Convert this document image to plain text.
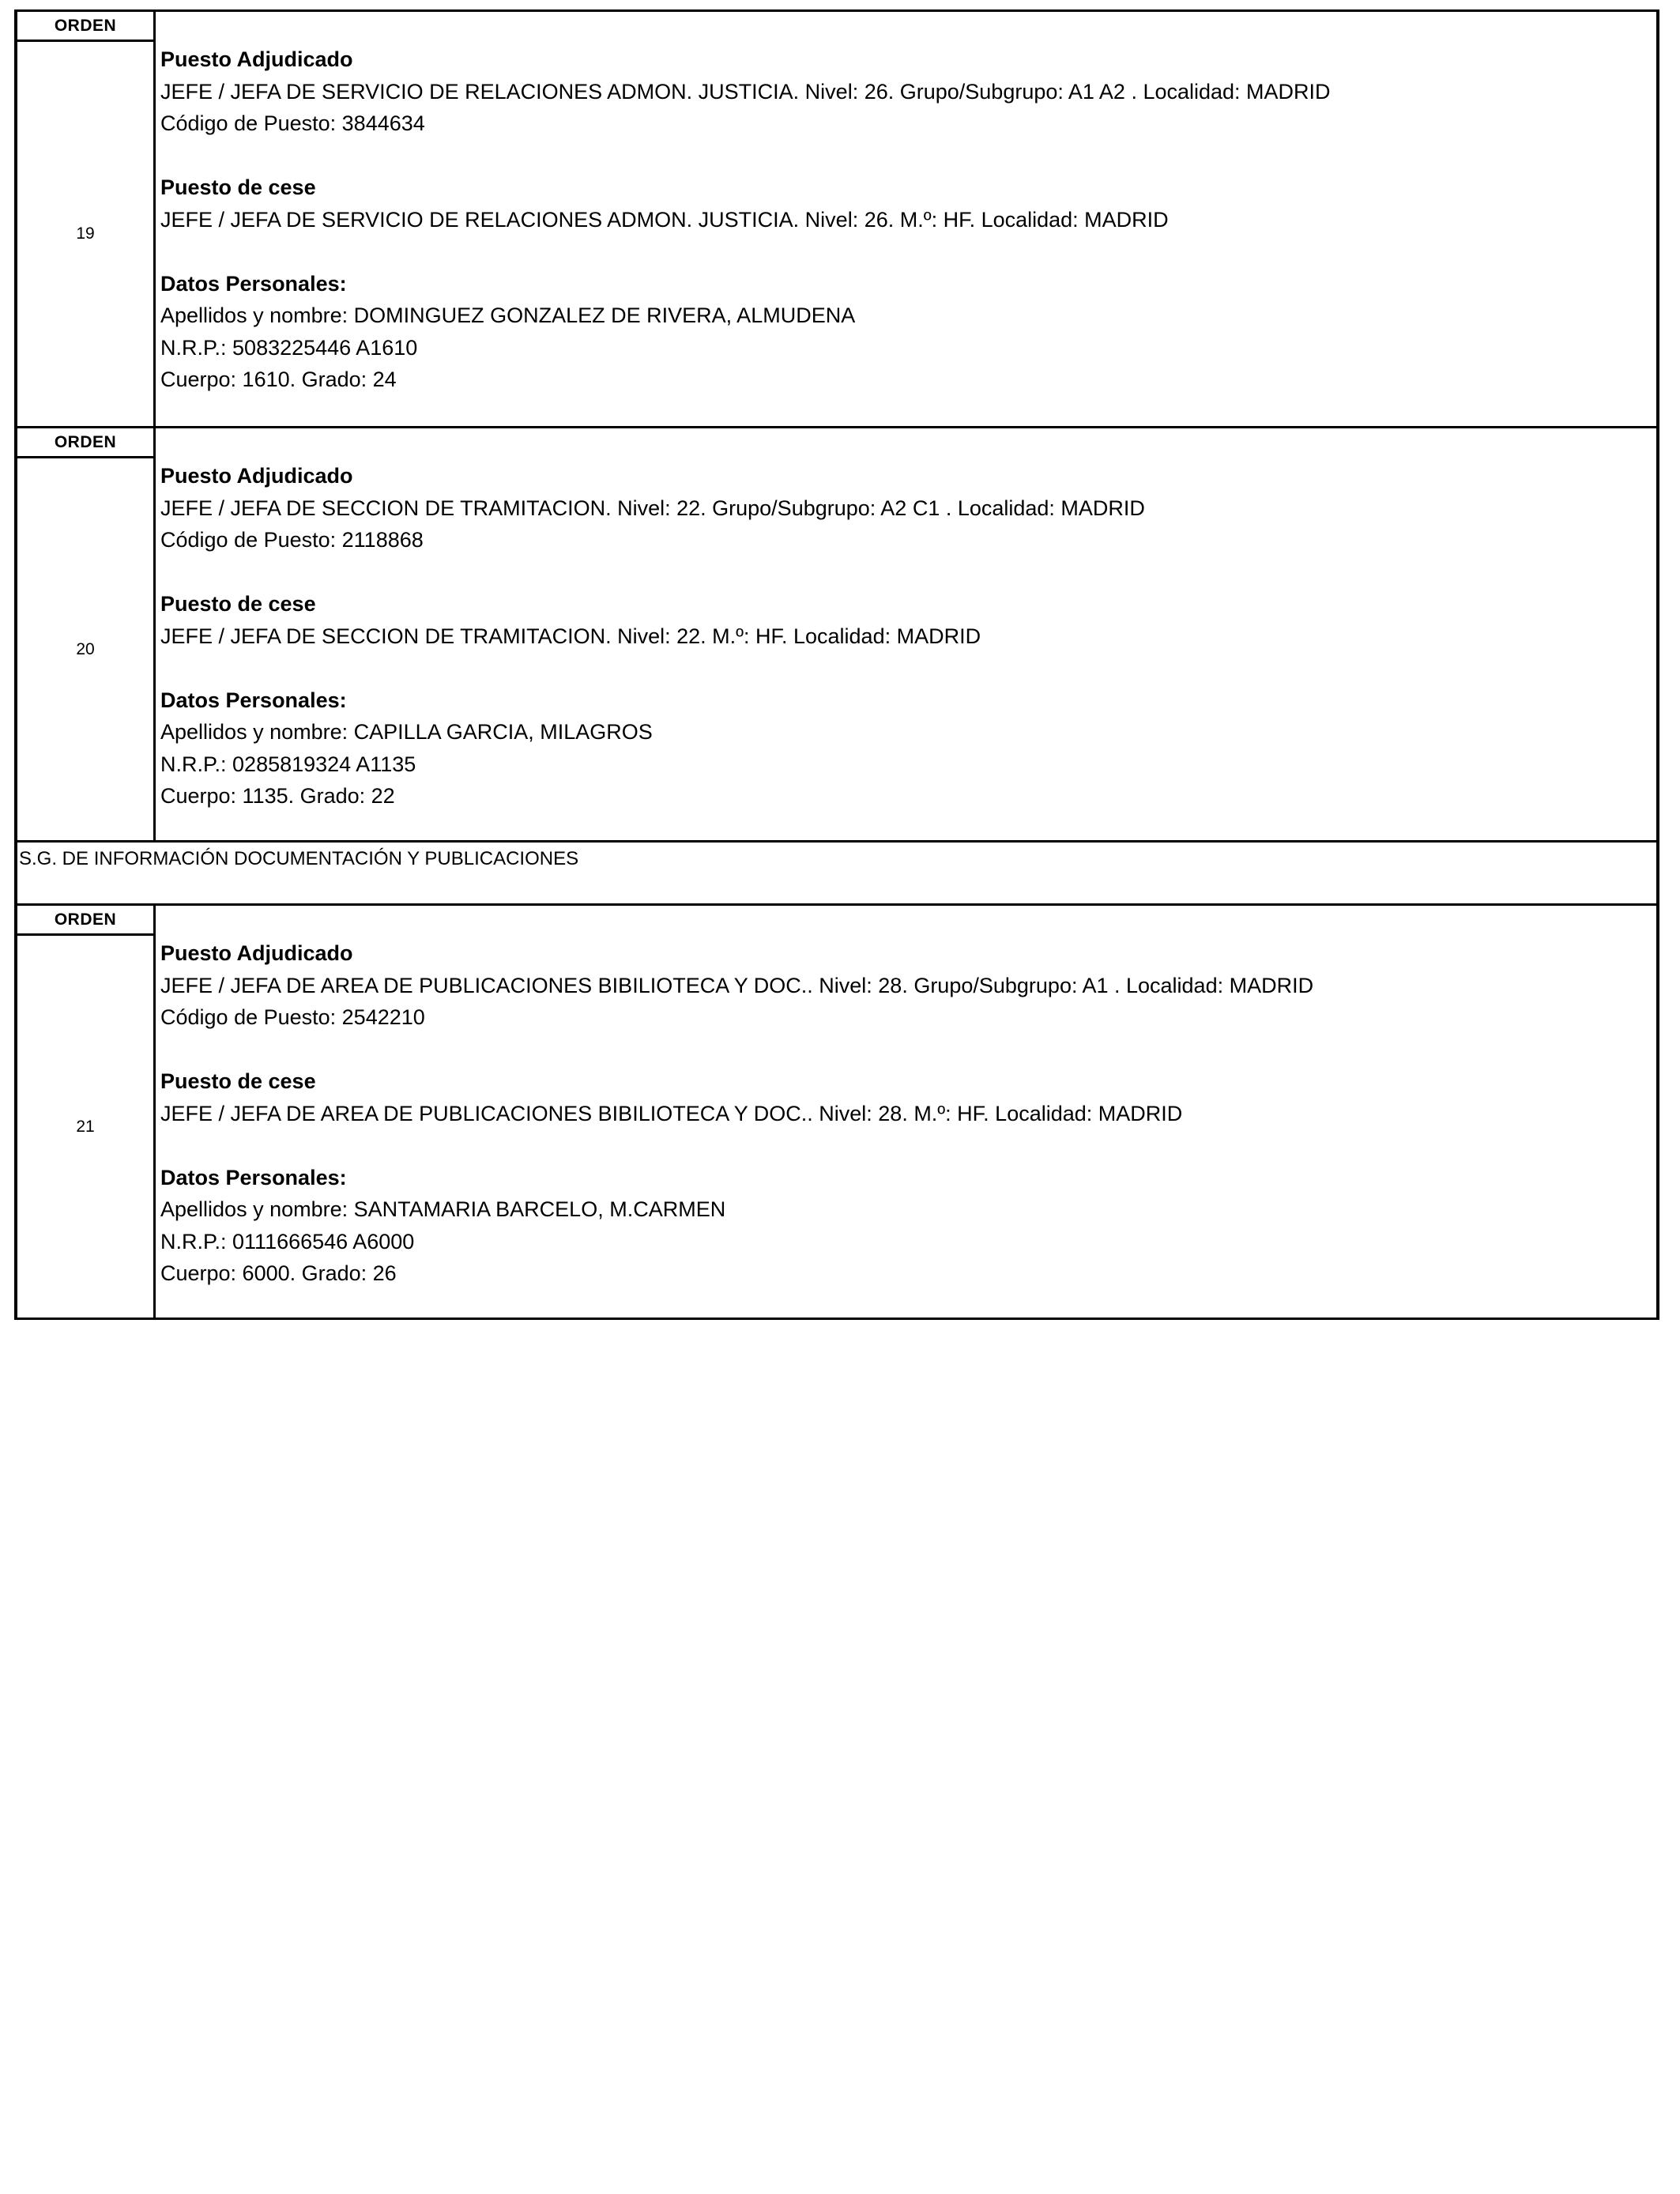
ORDEN
19
Puesto Adjudicado
JEFE / JEFA DE SERVICIO DE RELACIONES ADMON. JUSTICIA. Nivel: 26. Grupo/Subgrupo: A1 A2 . Localidad: MADRID
Código de Puesto: 3844634
Puesto de cese
JEFE / JEFA DE SERVICIO DE RELACIONES ADMON. JUSTICIA. Nivel: 26. M.º: HF. Localidad: MADRID
Datos Personales:
Apellidos y nombre: DOMINGUEZ GONZALEZ DE RIVERA, ALMUDENA
N.R.P.: 5083225446 A1610
Cuerpo: 1610. Grado: 24
ORDEN
20
Puesto Adjudicado
JEFE / JEFA DE SECCION DE TRAMITACION. Nivel: 22. Grupo/Subgrupo: A2 C1 . Localidad: MADRID
Código de Puesto: 2118868
Puesto de cese
JEFE / JEFA DE SECCION DE TRAMITACION. Nivel: 22. M.º: HF. Localidad: MADRID
Datos Personales:
Apellidos y nombre: CAPILLA GARCIA, MILAGROS
N.R.P.: 0285819324 A1135
Cuerpo: 1135. Grado: 22
S.G. DE INFORMACIÓN DOCUMENTACIÓN Y PUBLICACIONES
ORDEN
21
Puesto Adjudicado
JEFE / JEFA DE AREA DE PUBLICACIONES BIBILIOTECA Y DOC.. Nivel: 28. Grupo/Subgrupo: A1 . Localidad: MADRID
Código de Puesto: 2542210
Puesto de cese
JEFE / JEFA DE AREA DE PUBLICACIONES BIBILIOTECA Y DOC.. Nivel: 28. M.º: HF. Localidad: MADRID
Datos Personales:
Apellidos y nombre: SANTAMARIA BARCELO, M.CARMEN
N.R.P.: 0111666546 A6000
Cuerpo: 6000. Grado: 26
